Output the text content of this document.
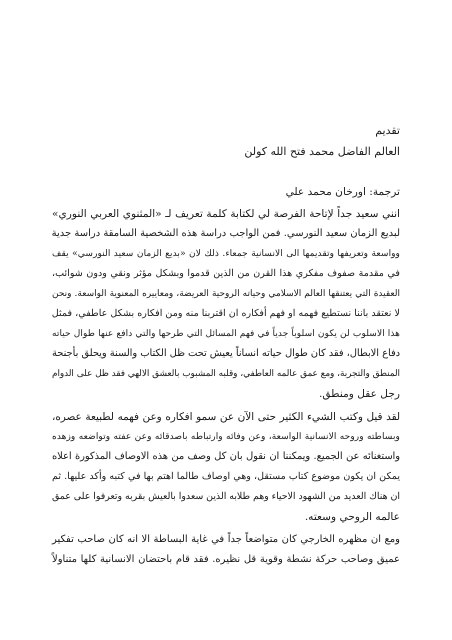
تقديم
العالم الفاضل محمد فتح الله كولن
ترجمة: اورخان محمد علي
انني سعيد جداً لإتاحة الفرصة لي لكتابة كلمة تعريف لـ «المثنوي العربي النوري»
لبديع الزمان سعيد النورسي. فمن الواجب دراسة هذه الشخصية السامقة دراسة جدية
وواسعة وتعريفها وتقديمها الى الانسانية جمعاء. ذلك لان «بديع الزمان سعيد النورسي» يقف
في مقدمة صفوف مفكري هذا القرن من الذين قدموا وبشكل مؤثر ونقي ودون شوائب،
العقيدة التي يعتنقها العالم الاسلامي وحياته الروحية العريضة، ومعاييره المعنوية الواسعة. ونحن
لا نعتقد باننا نستطيع فهمه او فهم أفكاره ان اقتربنا منه ومن افكاره بشكل عاطفي، فمثل
هذا الاسلوب لن يكون اسلوباً جدياً في فهم المسائل التي طرحها والتي دافع عنها طوال حياته
دفاع الابطال، فقد كان طوال حياته انساناً يعيش تحت ظل الكتاب والسنة ويحلق بأجنحة
المنطق والتجربة، ومع عمق عالمه العاطفي، وقلبه المشبوب بالعشق الالهي فقد ظل على الدوام
رجل عقل ومنطق.
لقد قيل وكتب الشيء الكثير حتى الآن عن سمو افكاره وعن فهمه لطبيعة عصره،
وبساطته وروحه الانسانية الواسعة، وعن وفائه وارتباطه باصدقائه وعن عفته وتواضعه وزهده
واستغنائه عن الجميع. ويمكننا ان نقول بان كل وصف من هذه الاوصاف المذكورة اعلاه
يمكن ان يكون موضوع كتاب مستقل، وهي اوصاف طالما اهتم بها في كتبه وأكد عليها. ثم
ان هناك العديد من الشهود الاحياء وهم طلابه الذين سعدوا بالعيش بقربه وتعرفوا على عمق
عالمه الروحي وسعته.
ومع ان مظهره الخارجي كان متواضعاً جداً في غاية البساطة الا انه كان صاحب تفكير
عميق وصاحب حركة نشطة وقوية قل نظيره. فقد قام باحتضان الانسانية كلها متناولاً
